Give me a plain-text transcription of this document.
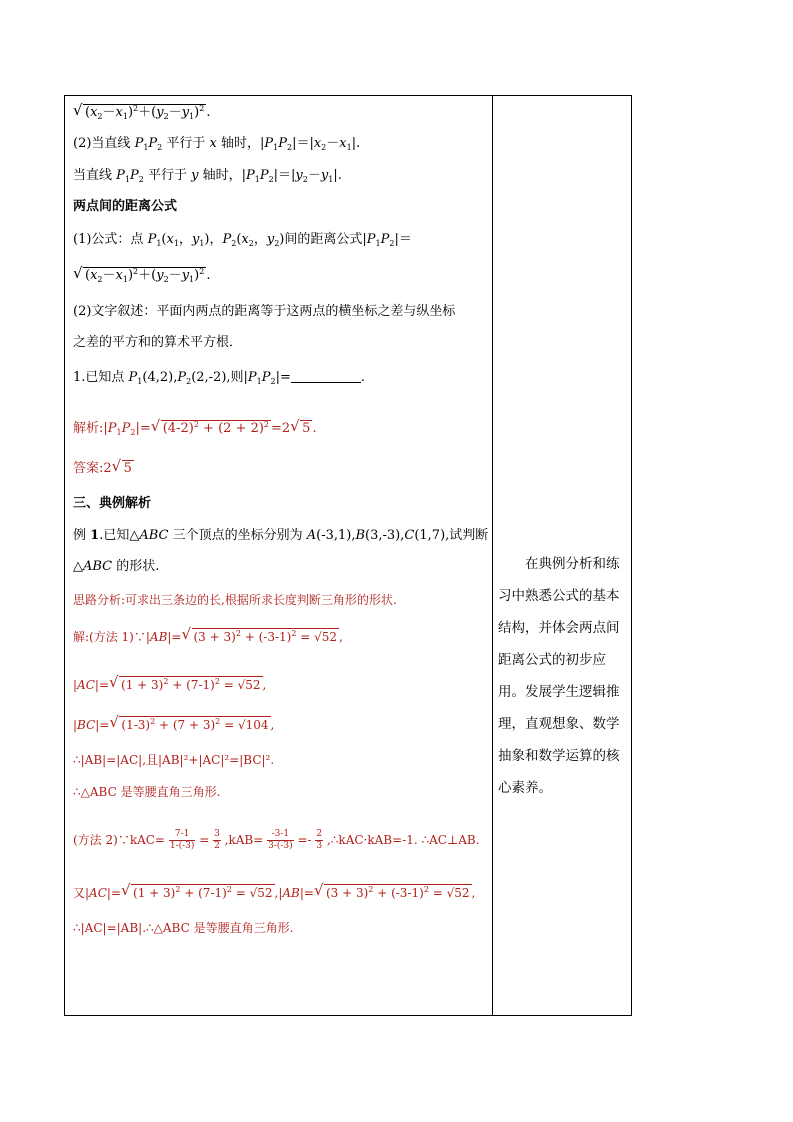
√ $(x_2-x_1)^2+(y_2-y_1)^2$ .
(2)当直线 $P_1P_2$ 平行于 x 轴时，$|P_1P_2|=|x_2-x_1|$.
当直线 $P_1P_2$ 平行于 y 轴时，$|P_1P_2|=|y_2-y_1|$.
两点间的距离公式
(1)公式：点 $P_1(x_1$，$y_1$)，$P_2(x_2$，$y_2$)间的距离公式$|P_1P_2|=$
√ $(x_2-x_1)^2+(y_2-y_1)^2$ .
(2)文字叙述：平面内两点的距离等于这两点的横坐标之差与纵坐标
之差的平方和的算术平方根．
1.已知点 $P_1(4,2),P_2(2,-2)$,则$|P_1P_2|=$	.
解析$:|P_1P_2|=$ √ $(4-2)^2 + (2 + 2)^2 =2$ √ 5 .
答案:2 √ 5
三、典例解析
例 1.已知△ABC 三个顶点的坐标分别为 A(-3,1),B(3,-3),C(1,7),试判断
△ABC 的形状.
思路分析:可求出三条边的长,根据所求长度判断三角形的形状.
解:(方法 1)∵|AB|= √ $(3 + 3)^2 + (-3-1)^2 = √52$ ,
|AC|= √ $(1 + 3)^2 + (7-1)^2 = √52$ ,
|BC|= √ $(1-3)^2 + (7 + 3)^2 = √104$ ,
∴|AB|=|AC|,且|AB|²+|AC|²=|BC|².
∴△ABC 是等腰直角三角形.
(方法 2)∵kAC= $\frac{7-1}{1-(-3)} = \frac{3}{2} ,kAB= \frac{-3-1}{3-(-3)} =- \frac{2}{3}$ ,∴kAC·kAB=-1. ∴AC⊥AB.
又|AC|= √ $(1 + 3)^2 + (7-1)^2 = √52$ ,|AB|= √ $(3 + 3)^2 + (-3-1)^2 = √52$ ,
∴|AC|=|AB|.∴△ABC 是等腰直角三角形.

在典例分析和练习中熟悉公式的基本结构，并体会两点间距离公式的初步应用。发展学生逻辑推理，直观想象、数学抽象和数学运算的核心素养。
